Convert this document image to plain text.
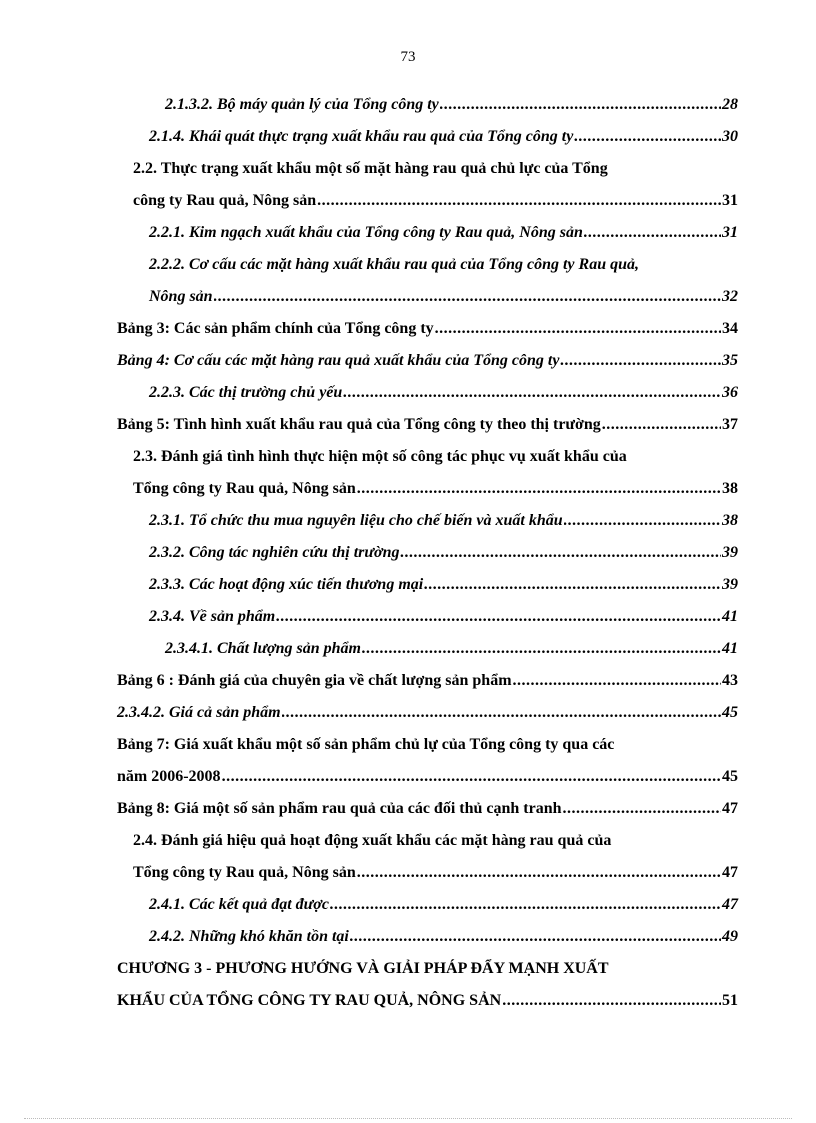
73
2.1.3.2. Bộ máy quản lý của Tổng công ty .....	28
2.1.4. Khái quát thực trạng xuất khẩu rau quả của Tổng công ty .....	30
2.2. Thực trạng xuất khẩu một số mặt hàng rau quả chủ lực của Tổng
công ty Rau quả, Nông sản .....	31
2.2.1. Kim ngạch xuất khẩu của Tổng công ty Rau quả, Nông sản .....	31
2.2.2. Cơ cấu các mặt hàng xuất khẩu rau quả của Tổng công ty Rau quả,
Nông sản .....	32
Bảng 3: Các sản phẩm chính của Tổng công ty .....	34
Bảng 4: Cơ cấu các mặt hàng rau quả xuất khẩu của Tổng công ty .....	35
2.2.3. Các thị trường chủ yếu .....	36
Bảng 5: Tình hình xuất khẩu rau quả của Tổng công ty theo thị trường .....	37
2.3. Đánh giá tình hình thực hiện một số công tác phục vụ xuất khẩu của
Tổng công ty Rau quả, Nông sản .....	38
2.3.1. Tổ chức thu mua nguyên liệu cho chế biến và xuất khẩu .....	38
2.3.2. Công tác nghiên cứu thị trường .....	39
2.3.3. Các hoạt động xúc tiến thương mại .....	39
2.3.4. Về sản phẩm .....	41
2.3.4.1. Chất lượng sản phẩm .....	41
Bảng 6 : Đánh giá của chuyên gia về chất lượng sản phẩm .....	43
2.3.4.2. Giá cả sản phẩm .....	45
Bảng 7: Giá xuất khẩu một số sản phẩm chủ lự của Tổng công ty qua các
năm 2006-2008 .....	45
Bảng 8: Giá một số sản phẩm rau quả của các đối thủ cạnh tranh .....	47
2.4. Đánh giá hiệu quả hoạt động xuất khẩu các mặt hàng rau quả của
Tổng công ty Rau quả, Nông sản .....	47
2.4.1. Các kết quả đạt được .....	47
2.4.2. Những khó khăn tồn tại .....	49
CHƯƠNG 3 - PHƯƠNG HƯỚNG VÀ GIẢI PHÁP ĐẨY MẠNH XUẤT
KHẨU CỦA TỔNG CÔNG TY RAU QUẢ, NÔNG SẢN .....	51
